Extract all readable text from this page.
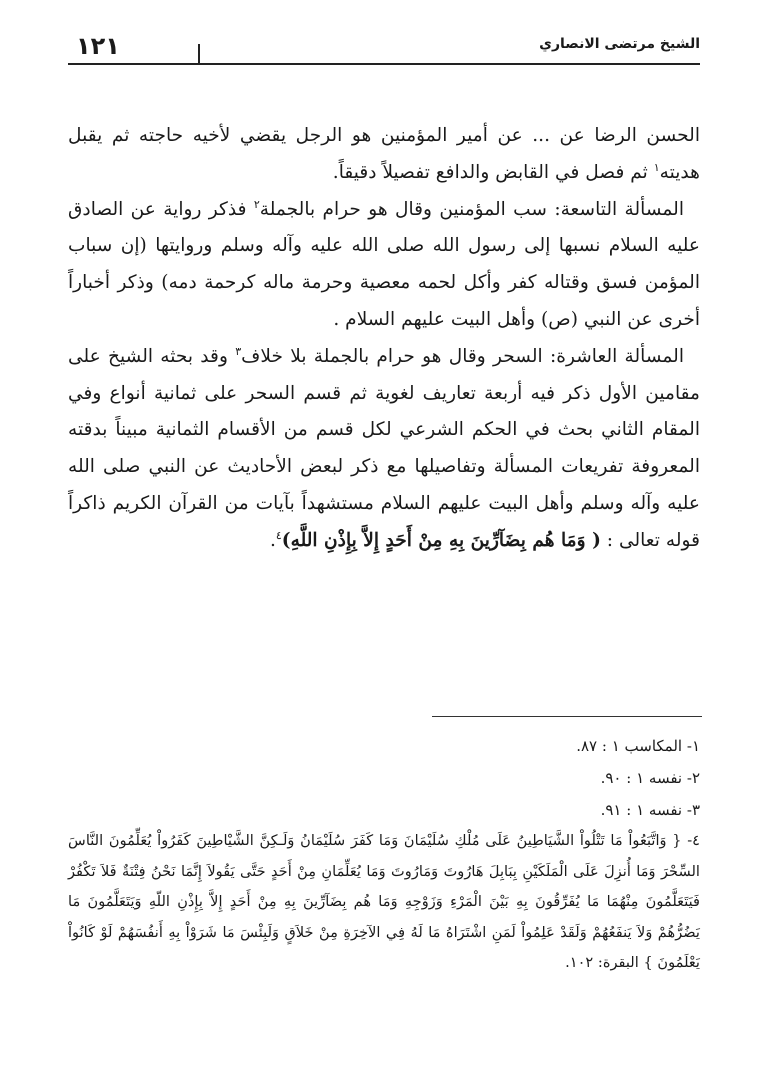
١٢١	الشيخ مرتضى الانصاري

الحسن الرضا عن ... عن أمير المؤمنين هو الرجل يقضي لأخيه حاجته ثم يقبل هديته$^١$ ثم فصل في القابض والدافع تفصيلاً دقيقاً.

المسألة التاسعة: سب المؤمنين وقال هو حرام بالجملة$^٢$ فذكر رواية عن الصادق عليه السلام نسبها إلى رسول الله صلى الله عليه وآله وسلم وروايتها (إن سباب المؤمن فسق وقتاله كفر وأكل لحمه معصية وحرمة ماله كرحمة دمه) وذكر أخباراً أخرى عن النبي (ص) وأهل البيت عليهم السلام .

المسألة العاشرة: السحر وقال هو حرام بالجملة بلا خلاف$^٣$ وقد بحثه الشيخ على مقامين الأول ذكر فيه أربعة تعاريف لغوية ثم قسم السحر على ثمانية أنواع وفي المقام الثاني بحث في الحكم الشرعي لكل قسم من الأقسام الثمانية مبيناً بدقته المعروفة تفريعات المسألة وتفاصيلها مع ذكر لبعض الأحاديث عن النبي صلى الله عليه وآله وسلم وأهل البيت عليهم السلام مستشهداً بآيات من القرآن الكريم ذاكراً قوله تعالى : ( وَمَا هُم بِضَآرِّينَ بِهِ مِنْ أَحَدٍ إِلاَّ بِإِذْنِ اللَّهِ)$^٤$.

١- المكاسب ١ : ٨٧.

٢- نفسه ١ : ٩٠.

٣- نفسه ١ : ٩١.

٤- { وَاتَّبَعُواْ مَا تَتْلُواْ الشَّيَاطِينُ عَلَى مُلْكِ سُلَيْمَانَ وَمَا كَفَرَ سُلَيْمَانُ وَلَـكِنَّ الشَّيْاطِينَ كَفَرُواْ يُعَلِّمُونَ النَّاسَ السِّحْرَ وَمَا أُنزِلَ عَلَى الْمَلَكَيْنِ بِبَابِلَ هَارُوتَ وَمَارُوتَ وَمَا يُعَلِّمَانِ مِنْ أَحَدٍ حَتَّى يَقُولاَ إِنَّمَا نَحْنُ فِتْنَةٌ فَلاَ تَكْفُرْ فَيَتَعَلَّمُونَ مِنْهُمَا مَا يُفَرِّقُونَ بِهِ بَيْنَ الْمَرْءِ وَزَوْجِهِ وَمَا هُم بِضَآرِّينَ بِهِ مِنْ أَحَدٍ إِلاَّ بِإِذْنِ اللّهِ وَيَتَعَلَّمُونَ مَا يَضُرُّهُمْ وَلاَ يَنفَعُهُمْ وَلَقَدْ عَلِمُواْ لَمَنِ اشْتَرَاهُ مَا لَهُ فِي الآخِرَةِ مِنْ خَلاَقٍ وَلَبِئْسَ مَا شَرَوْاْ بِهِ أَنفُسَهُمْ لَوْ كَانُواْ يَعْلَمُونَ } البقرة: ١٠٢.
